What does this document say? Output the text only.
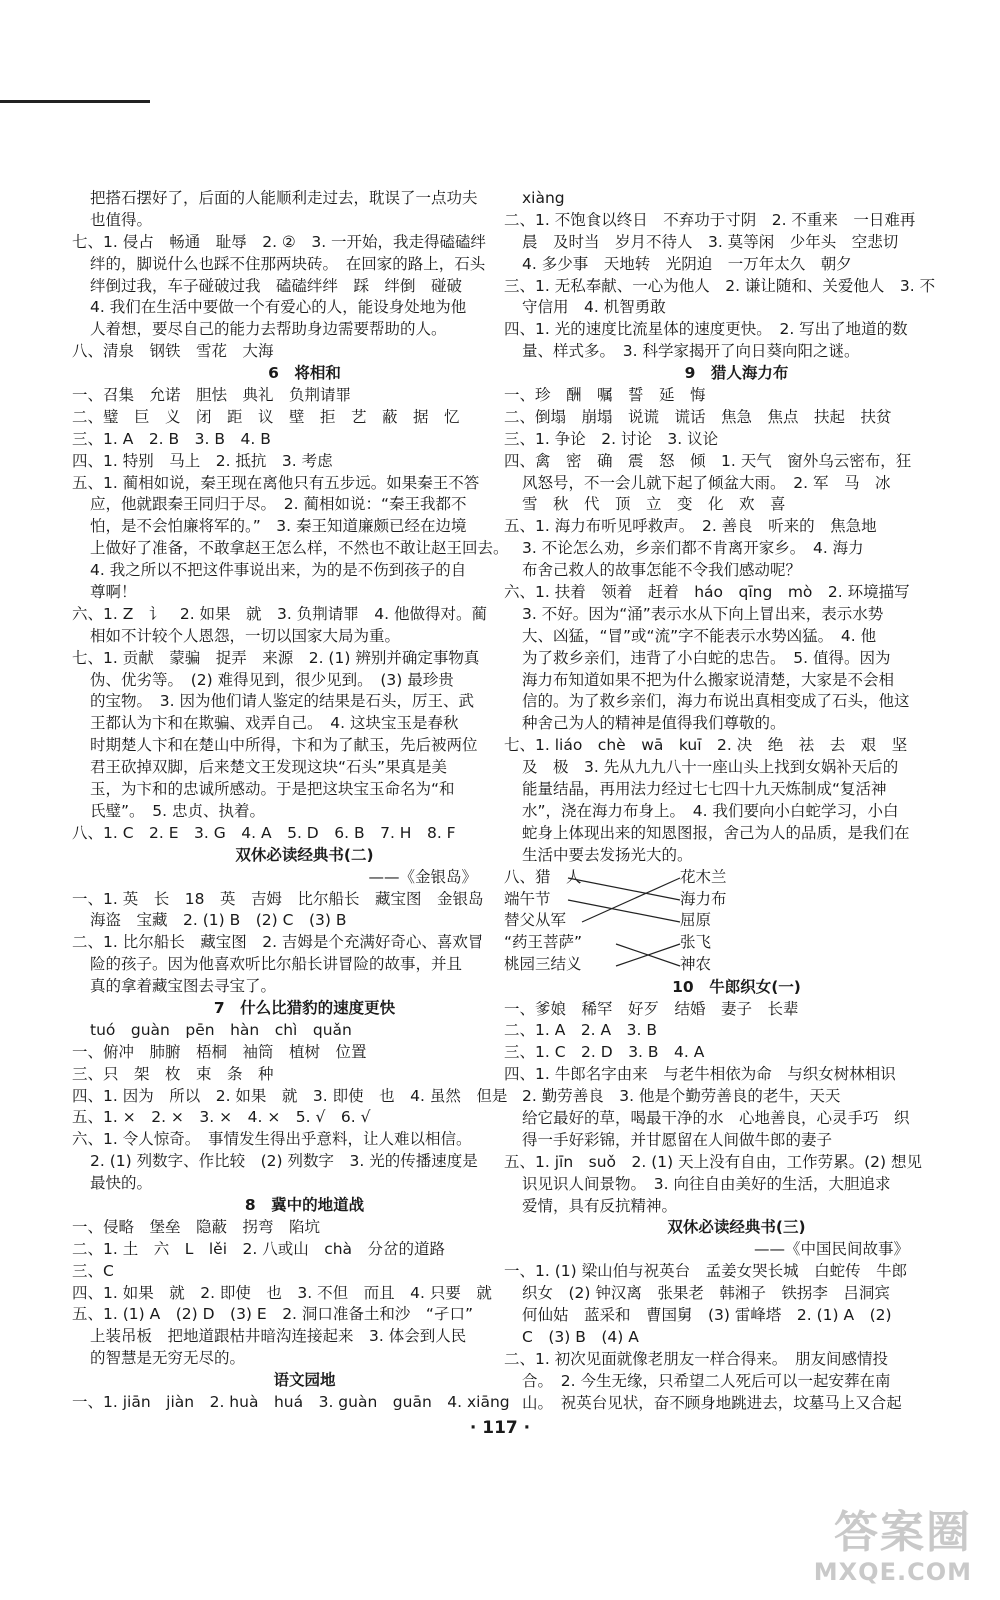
把搭石摆好了，后面的人能顺利走过去，耽误了一点功夫
也值得。
七、1. 侵占　畅通　耻辱　2. ②　3. 一开始，我走得磕磕绊
绊的，脚说什么也踩不住那两块砖。　在回家的路上，石头
绊倒过我，车子碰破过我　磕磕绊绊　踩　绊倒　碰破
4. 我们在生活中要做一个有爱心的人，能设身处地为他
人着想，要尽自己的能力去帮助身边需要帮助的人。
八、清泉　钢铁　雪花　大海
6　将相和
一、召集　允诺　胆怯　典礼　负荆请罪
二、璧　巨　义　闭　距　议　壁　拒　艺　蔽　据　忆
三、1. A　2. B　3. B　4. B
四、1. 特别　马上　2. 抵抗　3. 考虑
五、1. 蔺相如说，秦王现在离他只有五步远。如果秦王不答
应，他就跟秦王同归于尽。　2. 蔺相如说：“秦王我都不
怕，是不会怕廉将军的。”　3. 秦王知道廉颇已经在边境
上做好了准备，不敢拿赵王怎么样，不然也不敢让赵王回去。
4. 我之所以不把这件事说出来，为的是不伤到孩子的自
尊啊！
六、1. Z　讠　2. 如果　就　3. 负荆请罪　4. 他做得对。蔺
相如不计较个人恩怨，一切以国家大局为重。
七、1. 贡献　蒙骗　捉弄　来源　2. (1) 辨别并确定事物真
伪、优劣等。　(2) 难得见到，很少见到。　(3) 最珍贵
的宝物。　3. 因为他们请人鉴定的结果是石头，厉王、武
王都认为卞和在欺骗、戏弄自己。　4. 这块宝玉是春秋
时期楚人卞和在楚山中所得，卞和为了献玉，先后被两位
君王砍掉双脚，后来楚文王发现这块“石头”果真是美
玉，为卞和的忠诚所感动。于是把这块宝玉命名为“和
氏璧”。　5. 忠贞、执着。
八、1. C　2. E　3. G　4. A　5. D　6. B　7. H　8. F
双休必读经典书(二)
——《金银岛》
一、1. 英　长　18　英　吉姆　比尔船长　藏宝图　金银岛
海盗　宝藏　2. (1) B　(2) C　(3) B
二、1. 比尔船长　藏宝图　2. 吉姆是个充满好奇心、喜欢冒
险的孩子。因为他喜欢听比尔船长讲冒险的故事，并且
真的拿着藏宝图去寻宝了。
7　什么比猎豹的速度更快
tuó　guàn　pēn　hàn　chì　quǎn
一、俯冲　肺腑　梧桐　袖筒　植树　位置
三、只　架　枚　束　条　种
四、1. 因为　所以　2. 如果　就　3. 即使　也　4. 虽然　但是
五、1. ×　2. ×　3. ×　4. ×　5. √　6. √
六、1. 令人惊奇。　事情发生得出乎意料，让人难以相信。
2. (1) 列数字、作比较　(2) 列数字　3. 光的传播速度是
最快的。
8　冀中的地道战
一、侵略　堡垒　隐蔽　拐弯　陷坑
二、1. 土　六　L　lěi　2. 八或山　chà　分岔的道路
三、C
四、1. 如果　就　2. 即使　也　3. 不但　而且　4. 只要　就
五、1. (1) A　(2) D　(3) E　2. 洞口准备土和沙　“孑口”
上装吊板　把地道跟枯井暗沟连接起来　3. 体会到人民
的智慧是无穷无尽的。
语文园地
一、1. jiān　jiàn　2. huà　huá　3. guàn　guān　4. xiāng
xiàng
二、1. 不饱食以终日　不弃功于寸阴　2. 不重来　一日难再
晨　及时当　岁月不待人　3. 莫等闲　少年头　空悲切
4. 多少事　天地转　光阴迫　一万年太久　朝夕
三、1. 无私奉献、一心为他人　2. 谦让随和、关爱他人　3. 不
守信用　4. 机智勇敢
四、1. 光的速度比流星体的速度更快。　2. 写出了地道的数
量、样式多。　3. 科学家揭开了向日葵向阳之谜。
9　猎人海力布
一、珍　酬　嘱　誓　延　悔
二、倒塌　崩塌　说谎　谎话　焦急　焦点　扶起　扶贫
三、1. 争论　2. 讨论　3. 议论
四、禽　密　确　震　怒　倾　1. 天气　窗外乌云密布，狂
风怒号，不一会儿就下起了倾盆大雨。　2. 军　马　冰
雪　秋　代　顶　立　变　化　欢　喜
五、1. 海力布听见呼救声。　2. 善良　听来的　焦急地
3. 不论怎么劝，乡亲们都不肯离开家乡。　4. 海力
布舍己救人的故事怎能不令我们感动呢？
六、1. 扶着　领着　赶着　háo　qīng　mò　2. 环境描写
3. 不好。因为“涌”表示水从下向上冒出来，表示水势
大、凶猛，“冒”或“流”字不能表示水势凶猛。　4. 他
为了救乡亲们，违背了小白蛇的忠告。　5. 值得。因为
海力布知道如果不把为什么搬家说清楚，大家是不会相
信的。为了救乡亲们，海力布说出真相变成了石头，他这
种舍己为人的精神是值得我们尊敬的。
七、1. liáo　chè　wā　kuī　2. 决　绝　祛　去　艰　坚
及　极　3. 先从九九八十一座山头上找到女娲补天后的
能量结晶，再用法力经过七七四十九天炼制成“复活神
水”，浇在海力布身上。　4. 我们要向小白蛇学习，小白
蛇身上体现出来的知恩图报，舍己为人的品质，是我们在
生活中要去发扬光大的。
八、猎　人
端午节
替父从军
“药王菩萨”
桃园三结义
花木兰
海力布
屈原
张飞
神农
10　牛郎织女(一)
一、爹娘　稀罕　好歹　结婚　妻子　长辈
二、1. A　2. A　3. B
三、1. C　2. D　3. B　4. A
四、1. 牛郎名字由来　与老牛相依为命　与织女树林相识
2. 勤劳善良　3. 他是个勤劳善良的老牛，天天
给它最好的草，喝最干净的水　心地善良，心灵手巧　织
得一手好彩锦，并甘愿留在人间做牛郎的妻子
五、1. jīn　suǒ　2. (1) 天上没有自由，工作劳累。(2) 想见
识见识人间景物。　3. 向往自由美好的生活，大胆追求
爱情，具有反抗精神。
双休必读经典书(三)
——《中国民间故事》
一、1. (1) 梁山伯与祝英台　孟姜女哭长城　白蛇传　牛郎
织女　(2) 钟汉离　张果老　韩湘子　铁拐李　吕洞宾
何仙姑　蓝采和　曹国舅　(3) 雷峰塔　2. (1) A　(2)
C　(3) B　(4) A
二、1. 初次见面就像老朋友一样合得来。　朋友间感情投
合。　2. 今生无缘，只希望二人死后可以一起安葬在南
山。　祝英台见状，奋不顾身地跳进去，坟墓马上又合起
· 117 ·
答案圈
MXQE.COM
